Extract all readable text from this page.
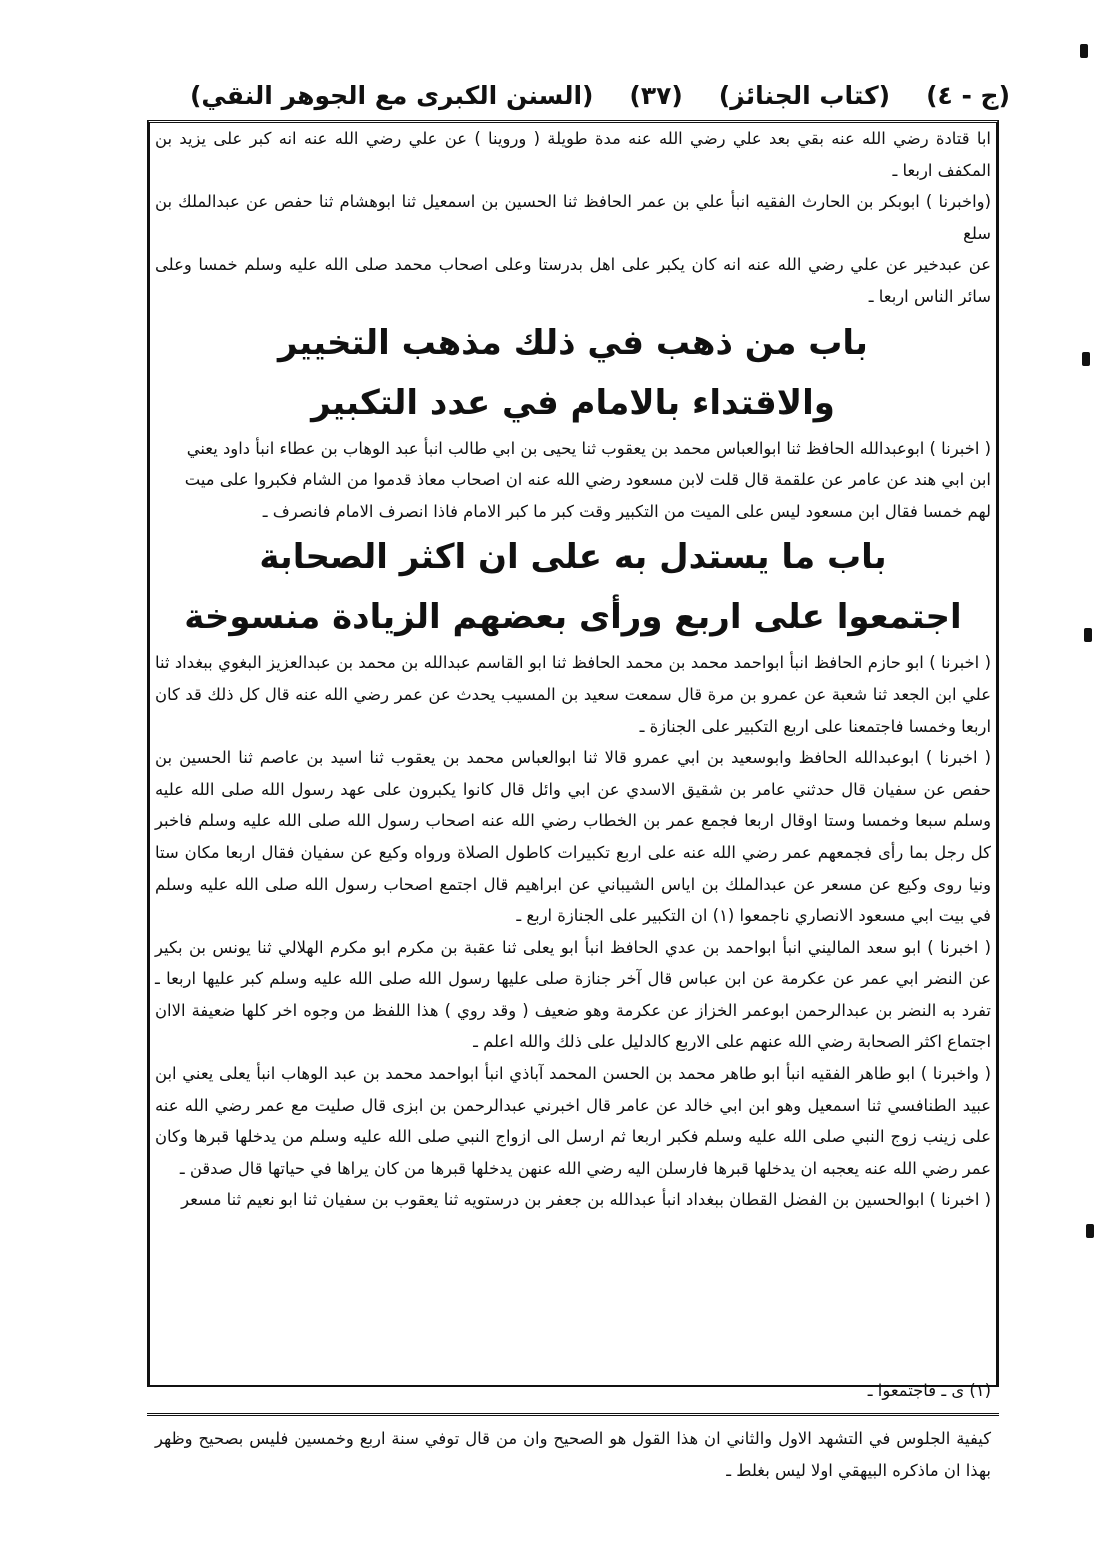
(السنن الكبرى مع الجوهر النقي) (٣٧) (كتاب الجنائز) (ج - ٤)

ابا قتادة رضي الله عنه بقي بعد علي رضي الله عنه مدة طويلة ( وروينا ) عن علي رضي الله عنه انه كبر على يزيد بن المكفف اربعا ـ

(واخبرنا ) ابوبكر بن الحارث الفقيه انبأ علي بن عمر الحافظ ثنا الحسين بن اسمعيل ثنا ابوهشام ثنا حفص عن عبدالملك بن سلع

عن عبدخير عن علي رضي الله عنه انه كان يكبر على اهل بدرستا وعلى اصحاب محمد صلى الله عليه وسلم خمسا وعلى سائر الناس اربعا ـ

باب من ذهب في ذلك مذهب التخيير

والاقتداء بالامام في عدد التكبير

( اخبرنا ) ابوعبدالله الحافظ ثنا ابوالعباس محمد بن يعقوب ثنا يحيى بن ابي طالب انبأ عبد الوهاب بن عطاء انبأ داود يعني

ابن ابي هند عن عامر عن علقمة قال قلت لابن مسعود رضي الله عنه ان اصحاب معاذ قدموا من الشام فكبروا على ميت

لهم خمسا فقال ابن مسعود ليس على الميت من التكبير وقت كبر ما كبر الامام فاذا انصرف الامام فانصرف ـ

باب ما يستدل به على ان اكثر الصحابة

اجتمعوا على اربع ورأى بعضهم الزيادة منسوخة

( اخبرنا ) ابو حازم الحافظ انبأ ابواحمد محمد بن محمد الحافظ ثنا ابو القاسم عبدالله بن محمد بن عبدالعزيز البغوي ببغداد ثنا علي ابن الجعد ثنا شعبة عن عمرو بن مرة قال سمعت سعيد بن المسيب يحدث عن عمر رضي الله عنه قال كل ذلك قد كان اربعا وخمسا فاجتمعنا على اربع التكبير على الجنازة ـ

( اخبرنا ) ابوعبدالله الحافظ وابوسعيد بن ابي عمرو قالا ثنا ابوالعباس محمد بن يعقوب ثنا اسيد بن عاصم ثنا الحسين بن حفص عن سفيان قال حدثني عامر بن شقيق الاسدي عن ابي وائل قال كانوا يكبرون على عهد رسول الله صلى الله عليه وسلم سبعا وخمسا وستا اوقال اربعا فجمع عمر بن الخطاب رضي الله عنه اصحاب رسول الله صلى الله عليه وسلم فاخبر كل رجل بما رأى فجمعهم عمر رضي الله عنه على اربع تكبيرات كاطول الصلاة ورواه وكيع عن سفيان فقال اربعا مكان ستا ونيا روى وكيع عن مسعر عن عبدالملك بن اياس الشيباني عن ابراهيم قال اجتمع اصحاب رسول الله صلى الله عليه وسلم في بيت ابي مسعود الانصاري ناجمعوا (١) ان التكبير على الجنازة اربع ـ

( اخبرنا ) ابو سعد الماليني انبأ ابواحمد بن عدي الحافظ انبأ ابو يعلى ثنا عقبة بن مكرم ابو مكرم الهلالي ثنا يونس بن بكير عن النضر ابي عمر عن عكرمة عن ابن عباس قال آخر جنازة صلى عليها رسول الله صلى الله عليه وسلم كبر عليها اربعا ـ تفرد به النضر بن عبدالرحمن ابوعمر الخزاز عن عكرمة وهو ضعيف ( وقد روي ) هذا اللفظ من وجوه اخر كلها ضعيفة الاان اجتماع اكثر الصحابة رضي الله عنهم على الاربع كالدليل على ذلك والله اعلم ـ

( واخبرنا ) ابو طاهر الفقيه انبأ ابو طاهر محمد بن الحسن المحمد آباذي انبأ ابواحمد محمد بن عبد الوهاب انبأ يعلى يعني ابن عبيد الطنافسي ثنا اسمعيل وهو ابن ابي خالد عن عامر قال اخبرني عبدالرحمن بن ابزى قال صليت مع عمر رضي الله عنه على زينب زوج النبي صلى الله عليه وسلم فكبر اربعا ثم ارسل الى ازواج النبي صلى الله عليه وسلم من يدخلها قبرها وكان عمر رضي الله عنه يعجبه ان يدخلها قبرها فارسلن اليه رضي الله عنهن يدخلها قبرها من كان يراها في حياتها قال صدقن ـ

( اخبرنا ) ابوالحسين بن الفضل القطان ببغداد انبأ عبدالله بن جعفر بن درستويه ثنا يعقوب بن سفيان ثنا ابو نعيم ثنا مسعر

(١) ى ـ فاجتمعوا ـ
كيفية الجلوس في التشهد الاول والثاني ان هذا القول هو الصحيح وان من قال توفي سنة اربع وخمسين فليس بصحيح وظهر بهذا ان ماذكره البيهقي اولا ليس بغلط ـ
